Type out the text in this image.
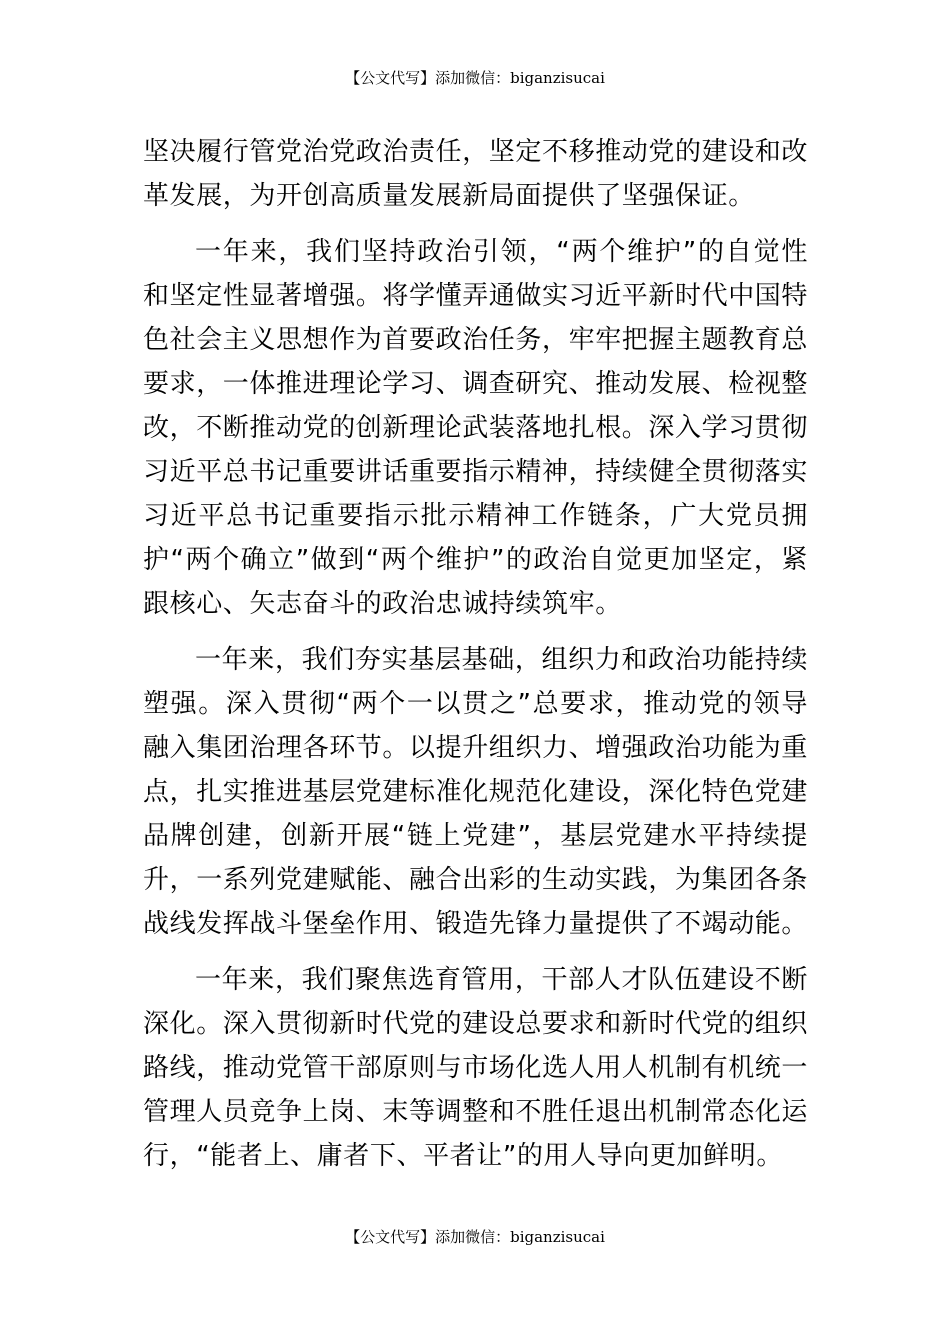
【公文代写】添加微信：biganzisucai

坚决履行管党治党政治责任，坚定不移推动党的建设和改革发展，为开创高质量发展新局面提供了坚强保证。

一年来，我们坚持政治引领，“两个维护”的自觉性和坚定性显著增强。将学懂弄通做实习近平新时代中国特色社会主义思想作为首要政治任务，牢牢把握主题教育总要求，一体推进理论学习、调查研究、推动发展、检视整改，不断推动党的创新理论武装落地扎根。深入学习贯彻习近平总书记重要讲话重要指示精神，持续健全贯彻落实习近平总书记重要指示批示精神工作链条，广大党员拥护“两个确立”做到“两个维护”的政治自觉更加坚定，紧跟核心、矢志奋斗的政治忠诚持续筑牢。

一年来，我们夯实基层基础，组织力和政治功能持续塑强。深入贯彻“两个一以贯之”总要求，推动党的领导融入集团治理各环节。以提升组织力、增强政治功能为重点，扎实推进基层党建标准化规范化建设，深化特色党建品牌创建，创新开展“链上党建”，基层党建水平持续提升，一系列党建赋能、融合出彩的生动实践，为集团各条战线发挥战斗堡垒作用、锻造先锋力量提供了不竭动能。

一年来，我们聚焦选育管用，干部人才队伍建设不断深化。深入贯彻新时代党的建设总要求和新时代党的组织路线，推动党管干部原则与市场化选人用人机制有机统一管理人员竞争上岗、末等调整和不胜任退出机制常态化运行，“能者上、庸者下、平者让”的用人导向更加鲜明。

【公文代写】添加微信：biganzisucai
